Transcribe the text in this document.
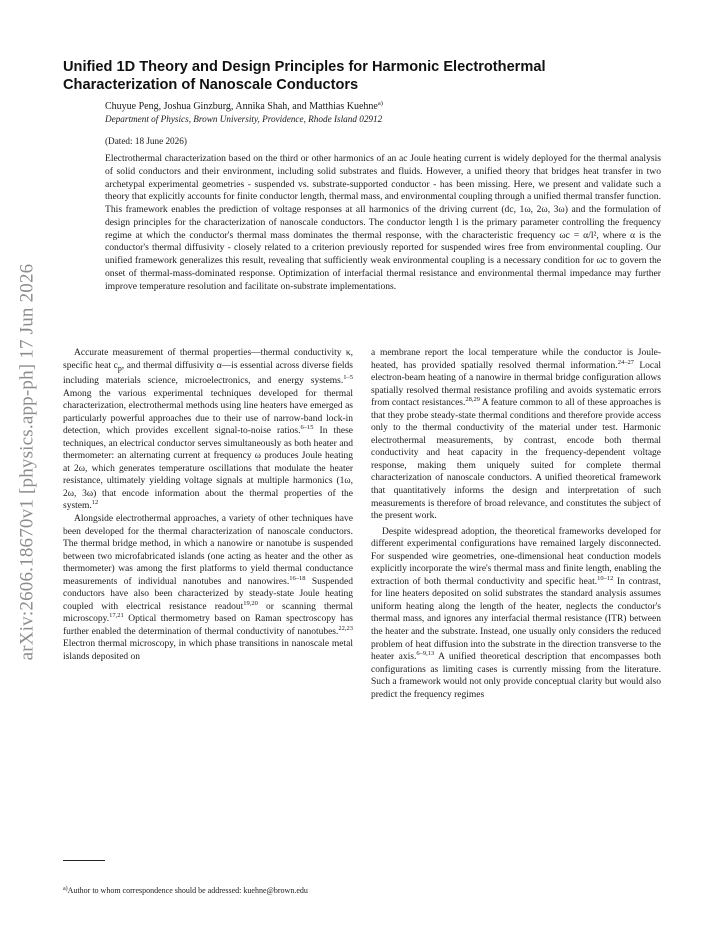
arXiv:2606.18670v1 [physics.app-ph] 17 Jun 2026
Unified 1D Theory and Design Principles for Harmonic Electrothermal Characterization of Nanoscale Conductors
Chuyue Peng, Joshua Ginzburg, Annika Shah, and Matthias Kuehne$^{a)}$
Department of Physics, Brown University, Providence, Rhode Island 02912
(Dated: 18 June 2026)
Electrothermal characterization based on the third or other harmonics of an ac Joule heating current is widely deployed for the thermal analysis of solid conductors and their environment, including solid substrates and fluids. However, a unified theory that bridges heat transfer in two archetypal experimental geometries - suspended vs. substrate-supported conductor - has been missing. Here, we present and validate such a theory that explicitly accounts for finite conductor length, thermal mass, and environmental coupling through a unified thermal transfer function. This framework enables the prediction of voltage responses at all harmonics of the driving current (dc, 1ω, 2ω, 3ω) and the formulation of design principles for the characterization of nanoscale conductors. The conductor length l is the primary parameter controlling the frequency regime at which the conductor's thermal mass dominates the thermal response, with the characteristic frequency ωc = α/l², where α is the conductor's thermal diffusivity - closely related to a criterion previously reported for suspended wires free from environmental coupling. Our unified framework generalizes this result, revealing that sufficiently weak environmental coupling is a necessary condition for ωc to govern the onset of thermal-mass-dominated response. Optimization of interfacial thermal resistance and environmental thermal impedance may further improve temperature resolution and facilitate on-substrate implementations.

Accurate measurement of thermal properties—thermal conductivity κ, specific heat $c_p$, and thermal diffusivity α—is essential across diverse fields including materials science, microelectronics, and energy systems.$^{1-5}$ Among the various experimental techniques developed for thermal characterization, electrothermal methods using line heaters have emerged as particularly powerful approaches due to their use of narrow-band lock-in detection, which provides excellent signal-to-noise ratios.$^{6-15}$ In these techniques, an electrical conductor serves simultaneously as both heater and thermometer: an alternating current at frequency ω produces Joule heating at 2ω, which generates temperature oscillations that modulate the heater resistance, ultimately yielding voltage signals at multiple harmonics (1ω, 2ω, 3ω) that encode information about the thermal properties of the system.$^{12}$

Alongside electrothermal approaches, a variety of other techniques have been developed for the thermal characterization of nanoscale conductors. The thermal bridge method, in which a nanowire or nanotube is suspended between two microfabricated islands (one acting as heater and the other as thermometer) was among the first platforms to yield thermal conductance measurements of individual nanotubes and nanowires.$^{16-18}$ Suspended conductors have also been characterized by steady-state Joule heating coupled with electrical resistance readout$^{19,20}$ or scanning thermal microscopy.$^{17,21}$ Optical thermometry based on Raman spectroscopy has further enabled the determination of thermal conductivity of nanotubes.$^{22,23}$ Electron thermal microscopy, in which phase transitions in nanoscale metal islands deposited on

a membrane report the local temperature while the conductor is Joule-heated, has provided spatially resolved thermal information.$^{24-27}$ Local electron-beam heating of a nanowire in thermal bridge configuration allows spatially resolved thermal resistance profiling and avoids systematic errors from contact resistances.$^{28,29}$ A feature common to all of these approaches is that they probe steady-state thermal conditions and therefore provide access only to the thermal conductivity of the material under test. Harmonic electrothermal measurements, by contrast, encode both thermal conductivity and heat capacity in the frequency-dependent voltage response, making them uniquely suited for complete thermal characterization of nanoscale conductors. A unified theoretical framework that quantitatively informs the design and interpretation of such measurements is therefore of broad relevance, and constitutes the subject of the present work.

Despite widespread adoption, the theoretical frameworks developed for different experimental configurations have remained largely disconnected. For suspended wire geometries, one-dimensional heat conduction models explicitly incorporate the wire's thermal mass and finite length, enabling the extraction of both thermal conductivity and specific heat.$^{10-12}$ In contrast, for line heaters deposited on solid substrates the standard analysis assumes uniform heating along the length of the heater, neglects the conductor's thermal mass, and ignores any interfacial thermal resistance (ITR) between the heater and the substrate. Instead, one usually only considers the reduced problem of heat diffusion into the substrate in the direction transverse to the heater axis.$^{6-9,13}$ A unified theoretical description that encompasses both configurations as limiting cases is currently missing from the literature. Such a framework would not only provide conceptual clarity but would also predict the frequency regimes

$^{a)}$Author to whom correspondence should be addressed: kuehne@brown.edu
